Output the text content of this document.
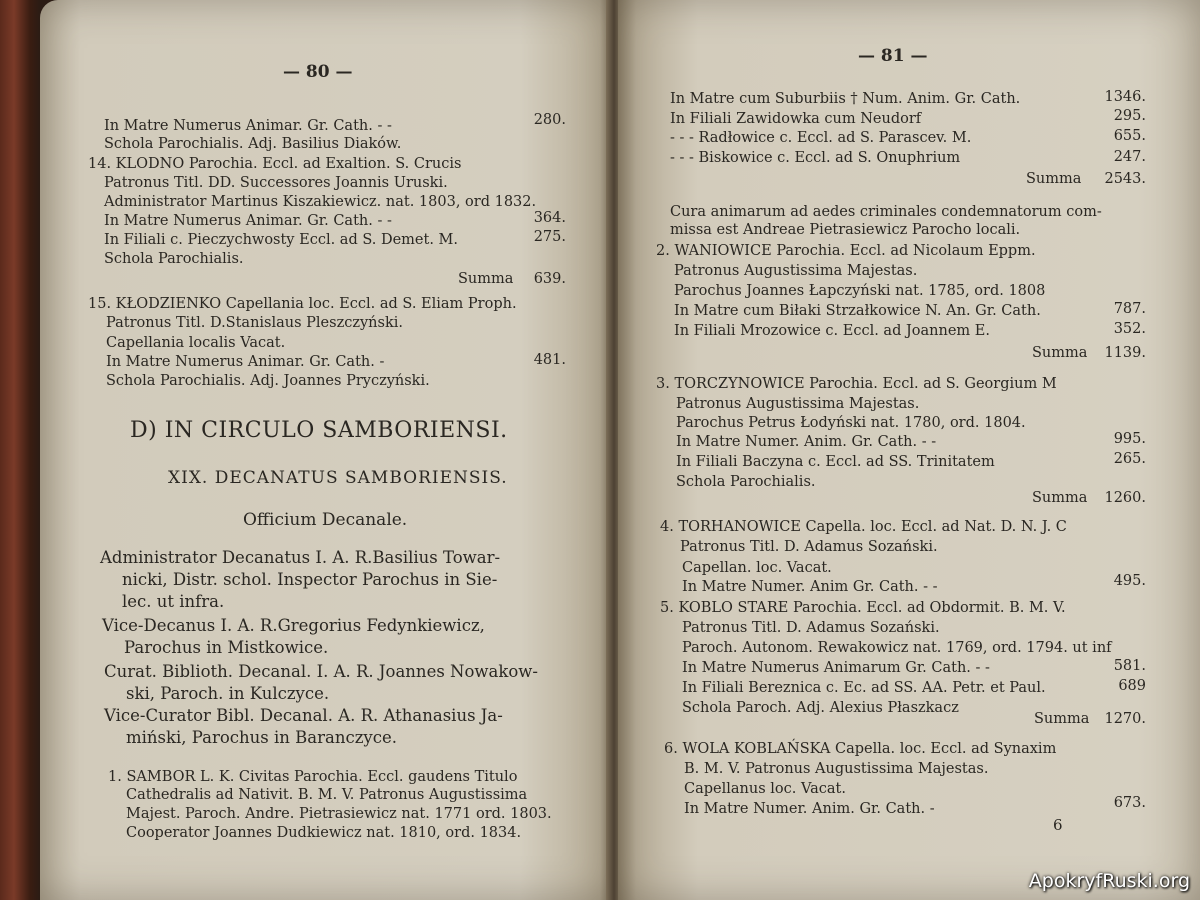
— 80 —
In Matre Numerus Animar. Gr. Cath. - -	280.
Schola Parochialis. Adj. Basilius Diaków.
14. KLODNO Parochia. Eccl. ad Exaltion. S. Crucis
Patronus Titl. DD. Successores Joannis Uruski.
Administrator Martinus Kiszakiewicz. nat. 1803, ord 1832.
In Matre Numerus Animar. Gr. Cath. - -	364.
In Filiali c. Pieczychwosty Eccl. ad S. Demet. M.	275.
Schola Parochialis.
Summa	639.
15. KŁODZIENKO Capellania loc. Eccl. ad S. Eliam Proph.
Patronus Titl. D.Stanislaus Pleszczyński.
Capellania localis Vacat.
In Matre Numerus Animar. Gr. Cath. -	481.
Schola Parochialis. Adj. Joannes Pryczyński.
D) IN CIRCULO SAMBORIENSI.
XIX. DECANATUS SAMBORIENSIS.
Officium Decanale.
Administrator Decanatus I. A. R.Basilius Towar-
nicki, Distr. schol. Inspector Parochus in Sie-
lec. ut infra.
Vice-Decanus I. A. R.Gregorius Fedynkiewicz,
Parochus in Mistkowice.
Curat. Biblioth. Decanal. I. A. R. Joannes Nowakow-
ski, Paroch. in Kulczyce.
Vice-Curator Bibl. Decanal. A. R. Athanasius Ja-
miński, Parochus in Baranczyce.
1. SAMBOR L. K. Civitas Parochia. Eccl. gaudens Titulo
Cathedralis ad Nativit. B. M. V. Patronus Augustissima
Majest. Paroch. Andre. Pietrasiewicz nat. 1771 ord. 1803.
Cooperator Joannes Dudkiewicz nat. 1810, ord. 1834.
— 81 —
In Matre cum Suburbiis † Num. Anim. Gr. Cath.	1346.
In Filiali Zawidowka cum Neudorf	295.
- - - Radłowice c. Eccl. ad S. Parascev. M.	655.
- - - Biskowice c. Eccl. ad S. Onuphrium	247.
Summa	2543.
Cura animarum ad aedes criminales condemnatorum com-
missa est Andreae Pietrasiewicz Parocho locali.
2. WANIOWICE Parochia. Eccl. ad Nicolaum Eppm.
Patronus Augustissima Majestas.
Parochus Joannes Łapczyński nat. 1785, ord. 1808
In Matre cum Biłaki Strzałkowice N. An. Gr. Cath.	787.
In Filiali Mrozowice c. Eccl. ad Joannem E.	352.
Summa	1139.
3. TORCZYNOWICE Parochia. Eccl. ad S. Georgium M
Patronus Augustissima Majestas.
Parochus Petrus Łodyński nat. 1780, ord. 1804.
In Matre Numer. Anim. Gr. Cath. - -	995.
In Filiali Baczyna c. Eccl. ad SS. Trinitatem	265.
Schola Parochialis.
Summa	1260.
4. TORHANOWICE Capella. loc. Eccl. ad Nat. D. N. J. C
Patronus Titl. D. Adamus Sozański.
Capellan. loc. Vacat.
In Matre Numer. Anim Gr. Cath. - -	495.
5. KOBLO STARE Parochia. Eccl. ad Obdormit. B. M. V.
Patronus Titl. D. Adamus Sozański.
Paroch. Autonom. Rewakowicz nat. 1769, ord. 1794. ut inf
In Matre Numerus Animarum Gr. Cath. - -	581.
In Filiali Bereznica c. Ec. ad SS. AA. Petr. et Paul.	689
Schola Paroch. Adj. Alexius Płaszkacz
Summa	1270.
6. WOLA KOBLAŃSKA Capella. loc. Eccl. ad Synaxim
B. M. V. Patronus Augustissima Majestas.
Capellanus loc. Vacat.
In Matre Numer. Anim. Gr. Cath. -	673.
6
ApokryfRuski.org
